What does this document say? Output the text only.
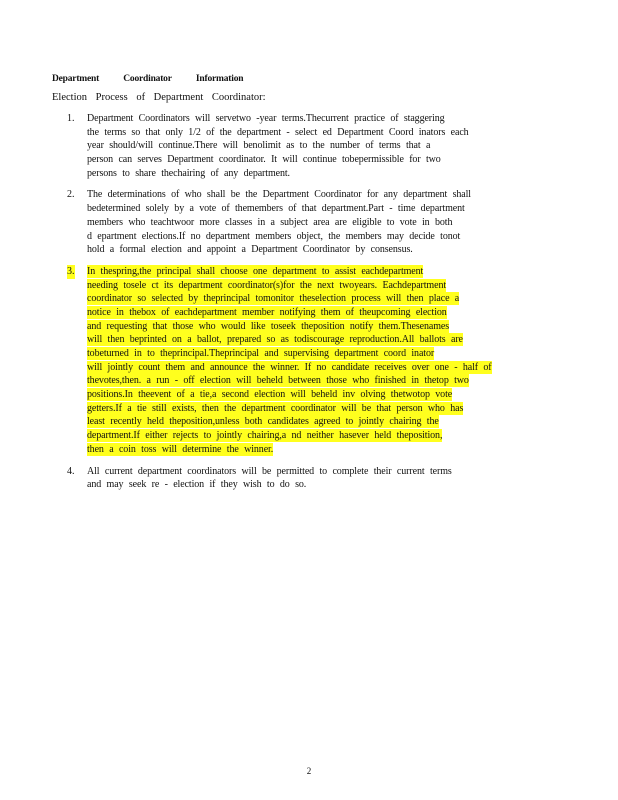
Department	Coordinator	Information
Election Process of Department Coordinator:
1. Department Coordinators will servetwo -year terms.Thecurrent practice of staggering
the terms so that only 1/2 of the department - select ed Department Coord inators each
year should/will continue.There will benolimit as to the number of terms that a
person can serves Department coordinator. It will continue tobepermissible for two
persons to share thechairing of any department.
2. The determinations of who shall be the Department Coordinator for any department shall
bedetermined solely by a vote of themembers of that department.Part - time department
members who teachtwoor more classes in a subject area are eligible to vote in both
d epartment elections.If no department members object, the members may decide tonot
hold a formal election and appoint a Department Coordinator by consensus.
3. In thespring,the principal shall choose one department to assist eachdepartment
needing tosele ct its department coordinator(s)for the next twoyears. Eachdepartment
coordinator so selected by theprincipal tomonitor theselection process will then place a
notice in thebox of eachdepartment member notifying them of theupcoming election
and requesting that those who would like toseek theposition notify them.Thesenames
will then beprinted on a ballot, prepared so as todiscourage reproduction.All ballots are
tobeturned in to theprincipal.Theprincipal and supervising department coord inator
will jointly count them and announce the winner. If no candidate receives over one - half of
thevotes,then. a run - off election will beheld between those who finished in thetop two
positions.In theevent of a tie,a second election will beheld inv olving thetwotop vote
getters.If a tie still exists, then the department coordinator will be that person who has
least recently held theposition,unless both candidates agreed to jointly chairing the
department.If either rejects to jointly chairing,a nd neither hasever held theposition,
then a coin toss will determine the winner.
4. All current department coordinators will be permitted to complete their current terms
and may seek re - election if they wish to do so.
2
